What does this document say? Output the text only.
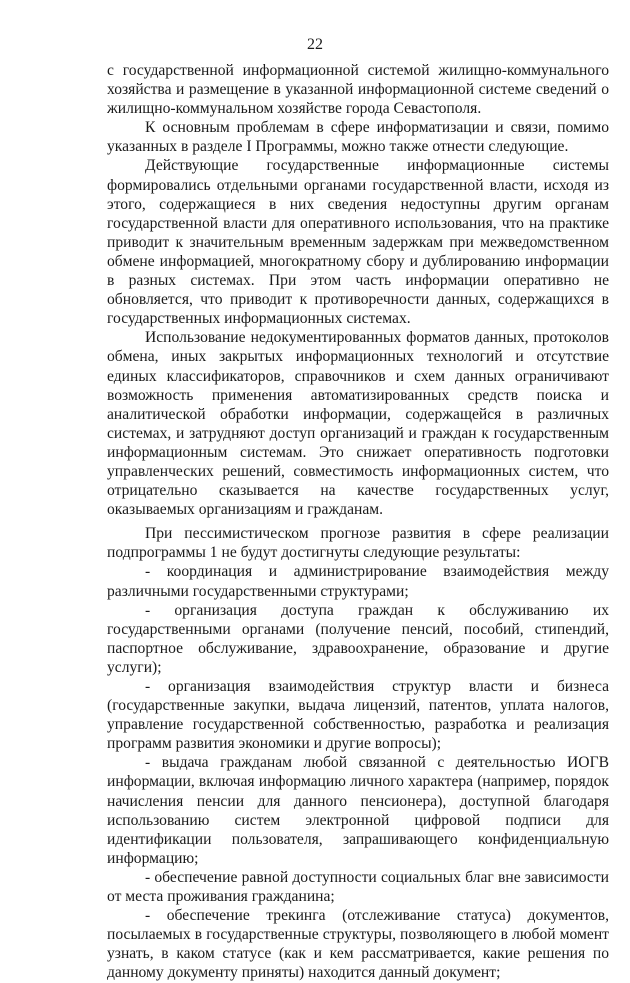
22

с государственной информационной системой жилищно-коммунального хозяйства и размещение в указанной информационной системе сведений о жилищно-коммунальном хозяйстве города Севастополя.

К основным проблемам в сфере информатизации и связи, помимо указанных в разделе I Программы, можно также отнести следующие.

Действующие государственные информационные системы формировались отдельными органами государственной власти, исходя из этого, содержащиеся в них сведения недоступны другим органам государственной власти для оперативного использования, что на практике приводит к значительным временным задержкам при межведомственном обмене информацией, многократному сбору и дублированию информации в разных системах. При этом часть информации оперативно не обновляется, что приводит к противоречности данных, содержащихся в государственных информационных системах.

Использование недокументированных форматов данных, протоколов обмена, иных закрытых информационных технологий и отсутствие единых классификаторов, справочников и схем данных ограничивают возможность применения автоматизированных средств поиска и аналитической обработки информации, содержащейся в различных системах, и затрудняют доступ организаций и граждан к государственным информационным системам. Это снижает оперативность подготовки управленческих решений, совместимость информационных систем, что отрицательно сказывается на качестве государственных услуг, оказываемых организациям и гражданам.

При пессимистическом прогнозе развития в сфере реализации подпрограммы 1 не будут достигнуты следующие результаты:

- координация и администрирование взаимодействия между различными государственными структурами;

- организация доступа граждан к обслуживанию их государственными органами (получение пенсий, пособий, стипендий, паспортное обслуживание, здравоохранение, образование и другие услуги);

- организация взаимодействия структур власти и бизнеса (государственные закупки, выдача лицензий, патентов, уплата налогов, управление государственной собственностью, разработка и реализация программ развития экономики и другие вопросы);

- выдача гражданам любой связанной с деятельностью ИОГВ информации, включая информацию личного характера (например, порядок начисления пенсии для данного пенсионера), доступной благодаря использованию систем электронной цифровой подписи для идентификации пользователя, запрашивающего конфиденциальную информацию;

- обеспечение равной доступности социальных благ вне зависимости от места проживания гражданина;

- обеспечение трекинга (отслеживание статуса) документов, посылаемых в государственные структуры, позволяющего в любой момент узнать, в каком статусе (как и кем рассматривается, какие решения по данному документу приняты) находится данный документ;
